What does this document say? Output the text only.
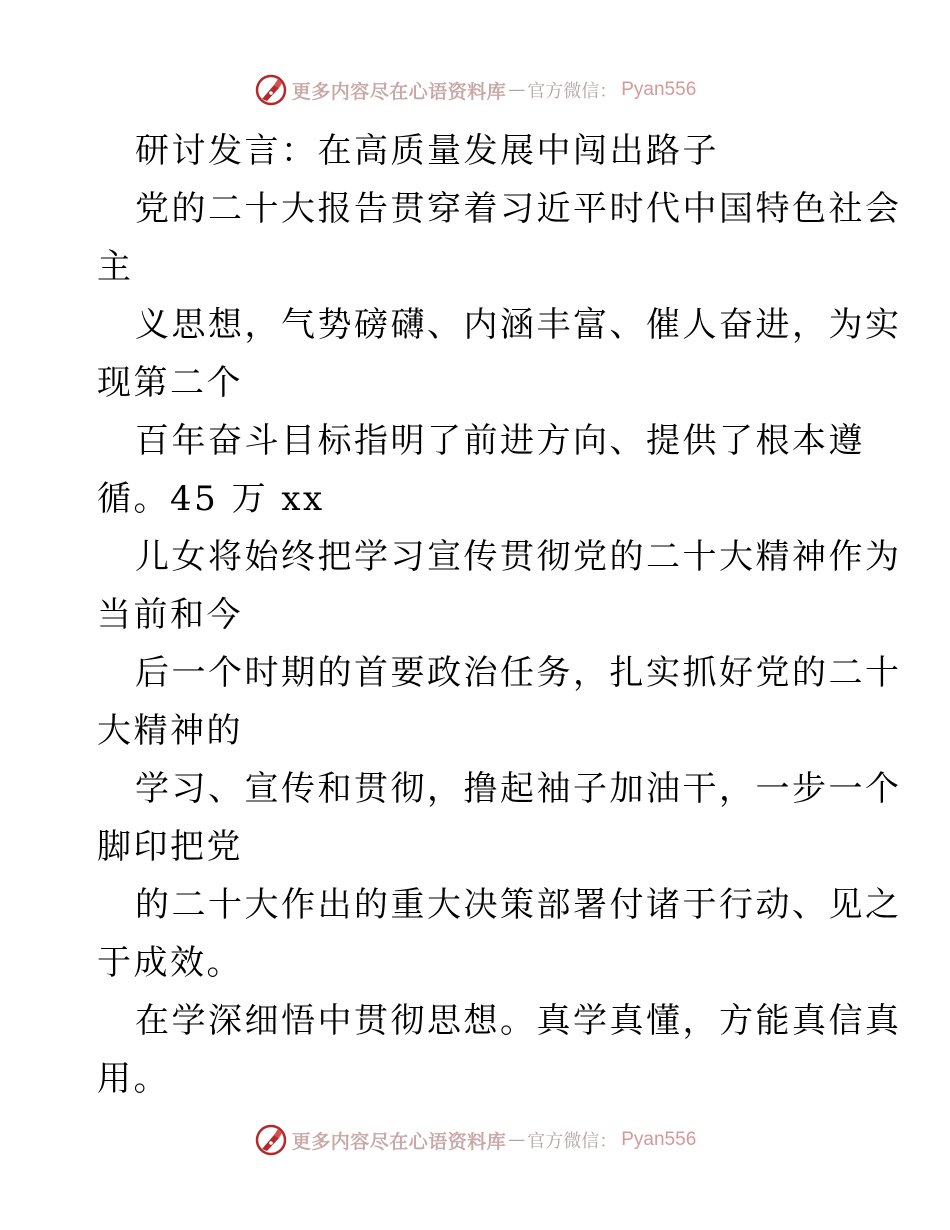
更多内容尽在心语资料库 — 官方微信： Pyan556
研讨发言：在高质量发展中闯出路子
党的二十大报告贯穿着习近平时代中国特色社会
主
义思想，气势磅礴、内涵丰富、催人奋进，为实
现第二个
百年奋斗目标指明了前进方向、提供了根本遵
循。45 万 xx
儿女将始终把学习宣传贯彻党的二十大精神作为
当前和今
后一个时期的首要政治任务，扎实抓好党的二十
大精神的
学习、宣传和贯彻，撸起袖子加油干，一步一个
脚印把党
的二十大作出的重大决策部署付诸于行动、见之
于成效。
在学深细悟中贯彻思想。真学真懂，方能真信真
用。
更多内容尽在心语资料库 — 官方微信： Pyan556
